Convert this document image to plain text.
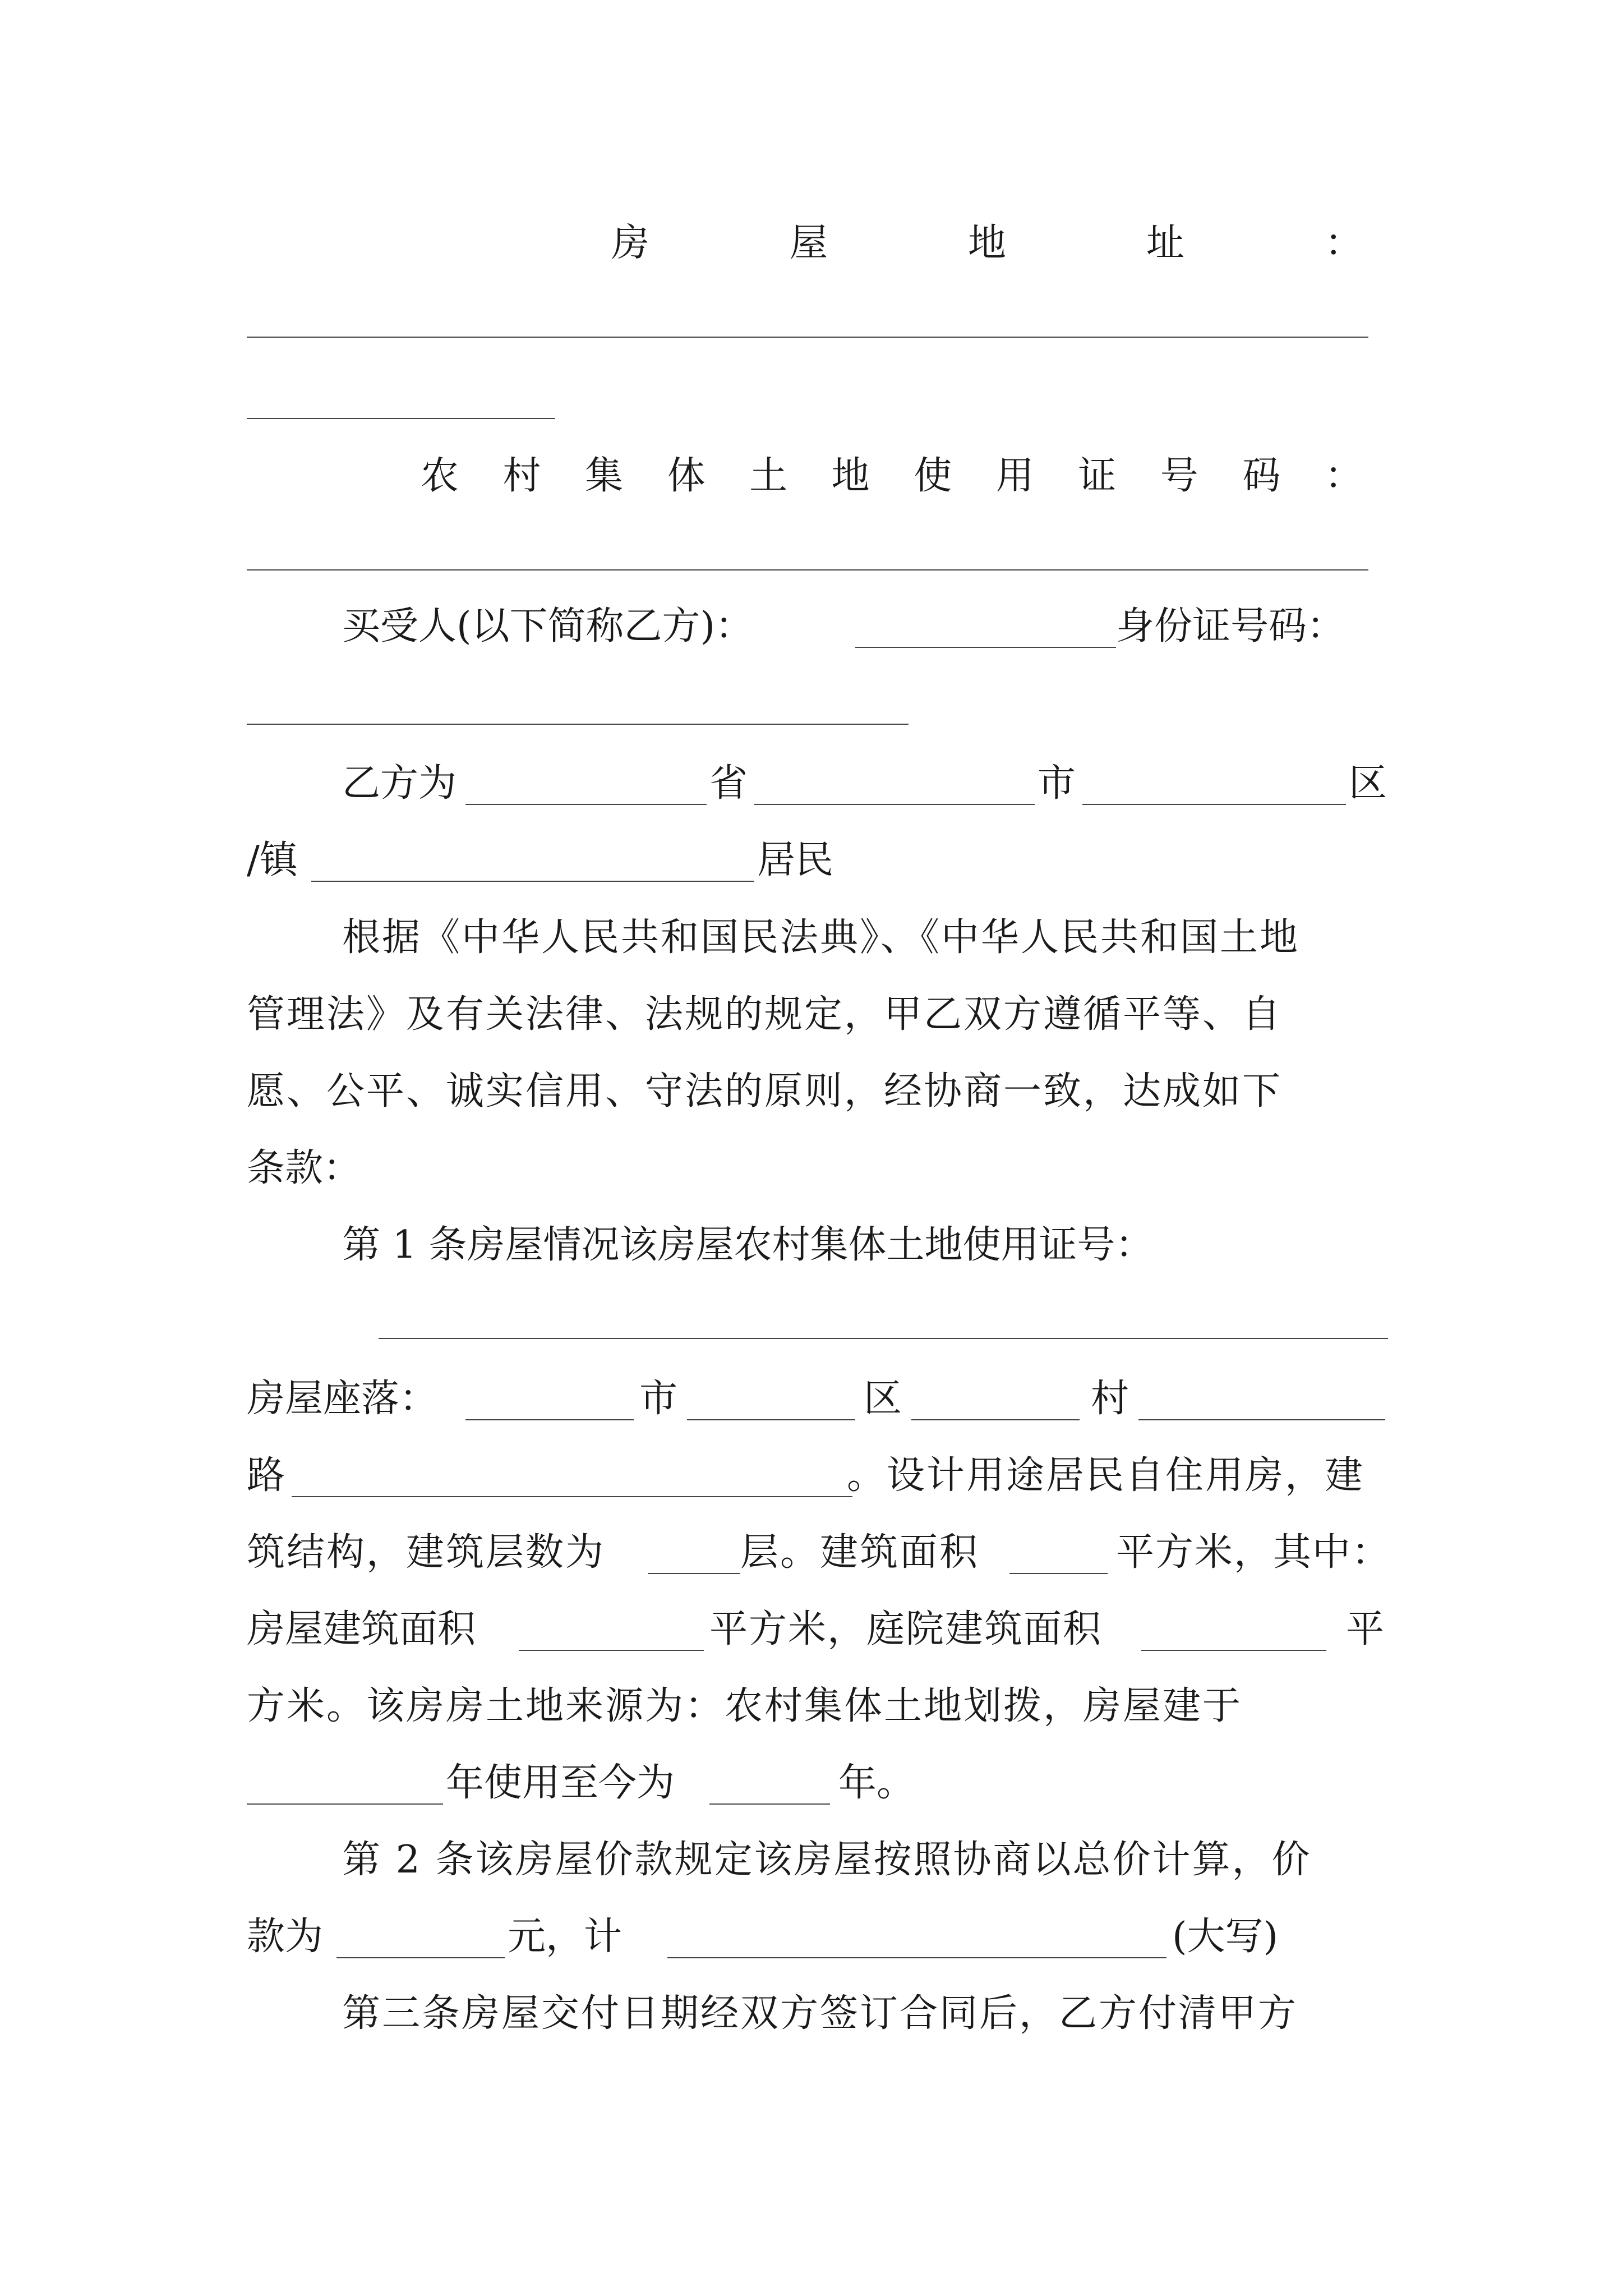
房	屋	地	址	：
农 村 集 体 土 地 使 用 证 号 码 ：
买受人(以下简称乙方)：	身份证号码：
乙方为	省	市	区
/镇	居民
根据《中华人民共和国民法典》、《中华人民共和国土地
管理法》及有关法律、法规的规定，甲乙双方遵循平等、自
愿、公平、诚实信用、守法的原则，经协商一致，达成如下
条款：
第 1 条房屋情况该房屋农村集体土地使用证号：
房屋座落：	市	区	村
路	。设计用途居民自住用房，建
筑结构，建筑层数为	层。建筑面积	平方米，其中：
房屋建筑面积	平方米，庭院建筑面积	平
方米。该房房土地来源为：农村集体土地划拨，房屋建于
年使用至今为	年。
第 2 条该房屋价款规定该房屋按照协商以总价计算，价
款为	元，计	(大写)
第三条房屋交付日期经双方签订合同后，乙方付清甲方
